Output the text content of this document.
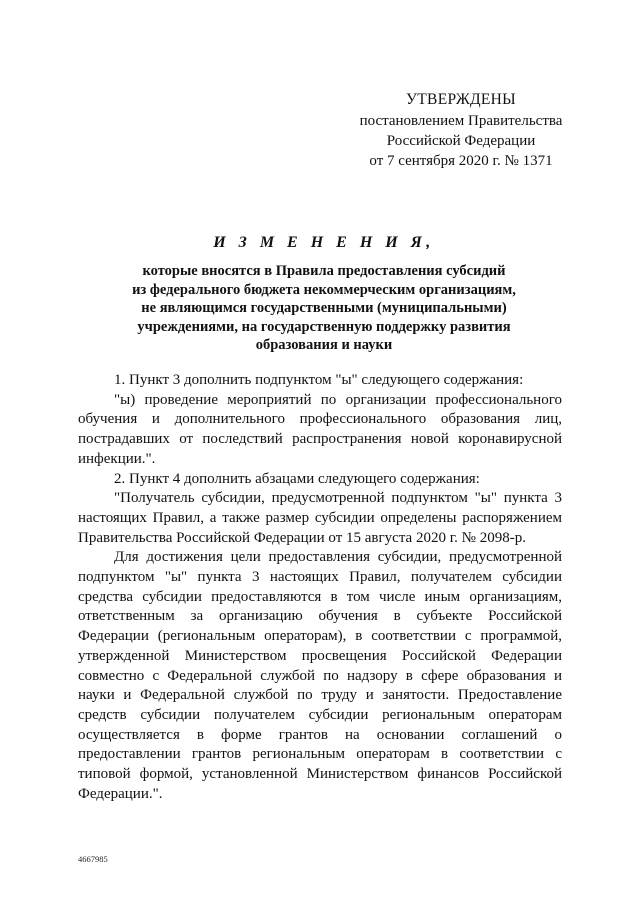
УТВЕРЖДЕНЫ
постановлением Правительства
Российской Федерации
от 7 сентября 2020 г. № 1371
И З М Е Н Е Н И Я,
которые вносятся в Правила предоставления субсидий
из федерального бюджета некоммерческим организациям,
не являющимся государственными (муниципальными)
учреждениями, на государственную поддержку развития
образования и науки

1. Пункт 3 дополнить подпунктом "ы" следующего содержания:

"ы) проведение мероприятий по организации профессионального обучения и дополнительного профессионального образования лиц, пострадавших от последствий распространения новой коронавирусной инфекции.".

2. Пункт 4 дополнить абзацами следующего содержания:

"Получатель субсидии, предусмотренной подпунктом "ы" пункта 3 настоящих Правил, а также размер субсидии определены распоряжением Правительства Российской Федерации от 15 августа 2020 г. № 2098-р.

Для достижения цели предоставления субсидии, предусмотренной подпунктом "ы" пункта 3 настоящих Правил, получателем субсидии средства субсидии предоставляются в том числе иным организациям, ответственным за организацию обучения в субъекте Российской Федерации (региональным операторам), в соответствии с программой, утвержденной Министерством просвещения Российской Федерации совместно с Федеральной службой по надзору в сфере образования и науки и Федеральной службой по труду и занятости. Предоставление средств субсидии получателем субсидии региональным операторам осуществляется в форме грантов на основании соглашений о предоставлении грантов региональным операторам в соответствии с типовой формой, установленной Министерством финансов Российской Федерации.".

4667985
